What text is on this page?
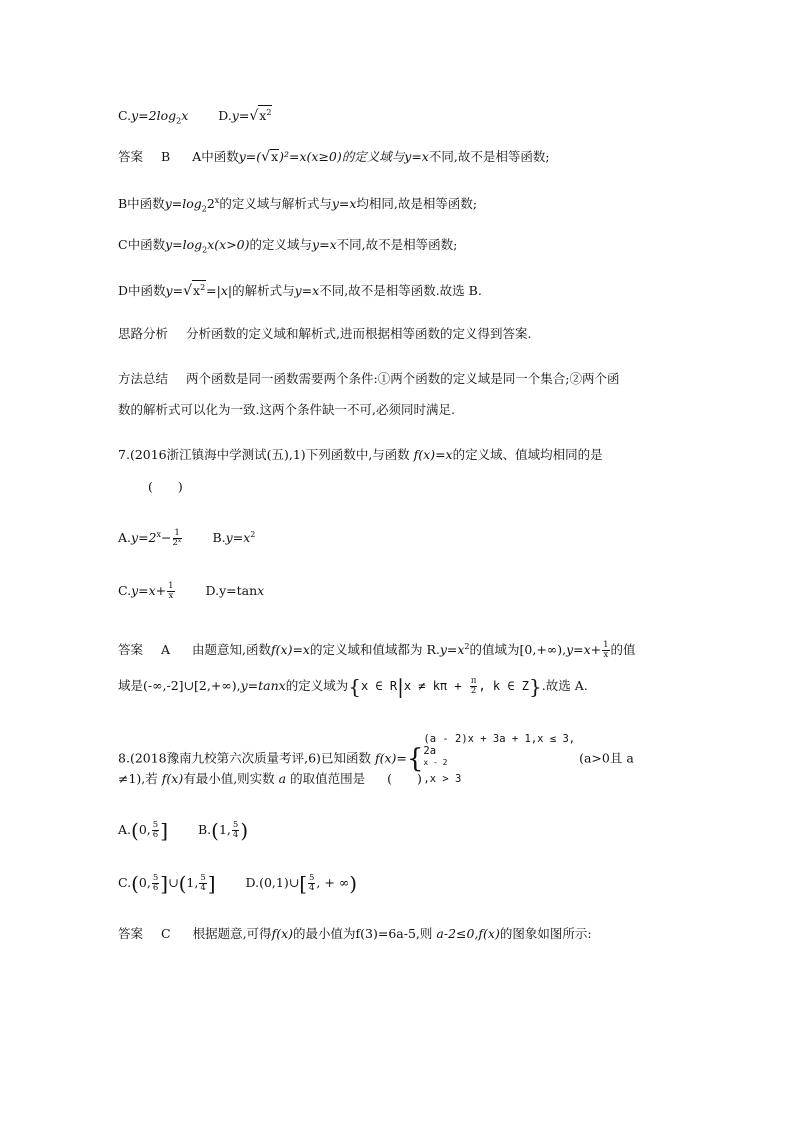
$C.y=2\log_2x$ $D.y=√x^2$
答案 B A中函数y=(√x)²=x(x≥0)的定义域与y=x不同,故不是相等函数;
B中函数$y=\log_22^x$的定义域与解析式与y=x均相同,故是相等函数;
C中函数$y=\log_2x(x>0)$的定义域与y=x不同,故不是相等函数;
D中函数$y=√x^2=|x|$的解析式与y=x不同,故不是相等函数.故选 B.
思路分析 分析函数的定义域和解析式,进而根据相等函数的定义得到答案.
方法总结 两个函数是同一函数需要两个条件:①两个函数的定义域是同一个集合;②两个函
数的解析式可以化为一致.这两个条件缺一不可,必须同时满足.
7.(2016浙江镇海中学测试(五),1)下列函数中,与函数 f(x)=x的定义域、值域均相同的是
(　　)
$A.y=2^x- \frac{1}{\text{2ˣ}} B.y=x^2$
$C.y=x+ \frac{1}{x} D.y=\tan x$
答案 A 由题意知,函数f(x)=x的定义域和值域都为 $R.y=x^2$的值域为$[0,+\infty),y=x+ \frac{1}{x}$ 的值
域是(-∞,-2]∪[2,+∞),y=tanx的定义域为{x ∈ $R|x \ne k\pi + \frac{\pi}{2}$ , k ∈ Z}.故选 A.
8.(2018豫南九校第六次质量考评,6)已知函数 f(x)={
(a - 2)x + 3a + 1,x ≤ 3,
2a
$^{x - 2}$
,x > 3
(a>0且 a
≠1),若 f(x)有最小值,则实数 a 的取值范围是 (　　)
A.(0, $\frac{5}{6}$ ] B.(1, $\frac{5}{4}$ )
C.(0, $\frac{5}{6}$ ]∪(1, $\frac{5}{4}$ ] D.(0,1)∪[ $\frac{5}{4}$ , + ∞)
答案 C 根据题意,可得f(x)的最小值为f(3)=6a-5,则 a-2≤0,f(x)的图象如图所示:
